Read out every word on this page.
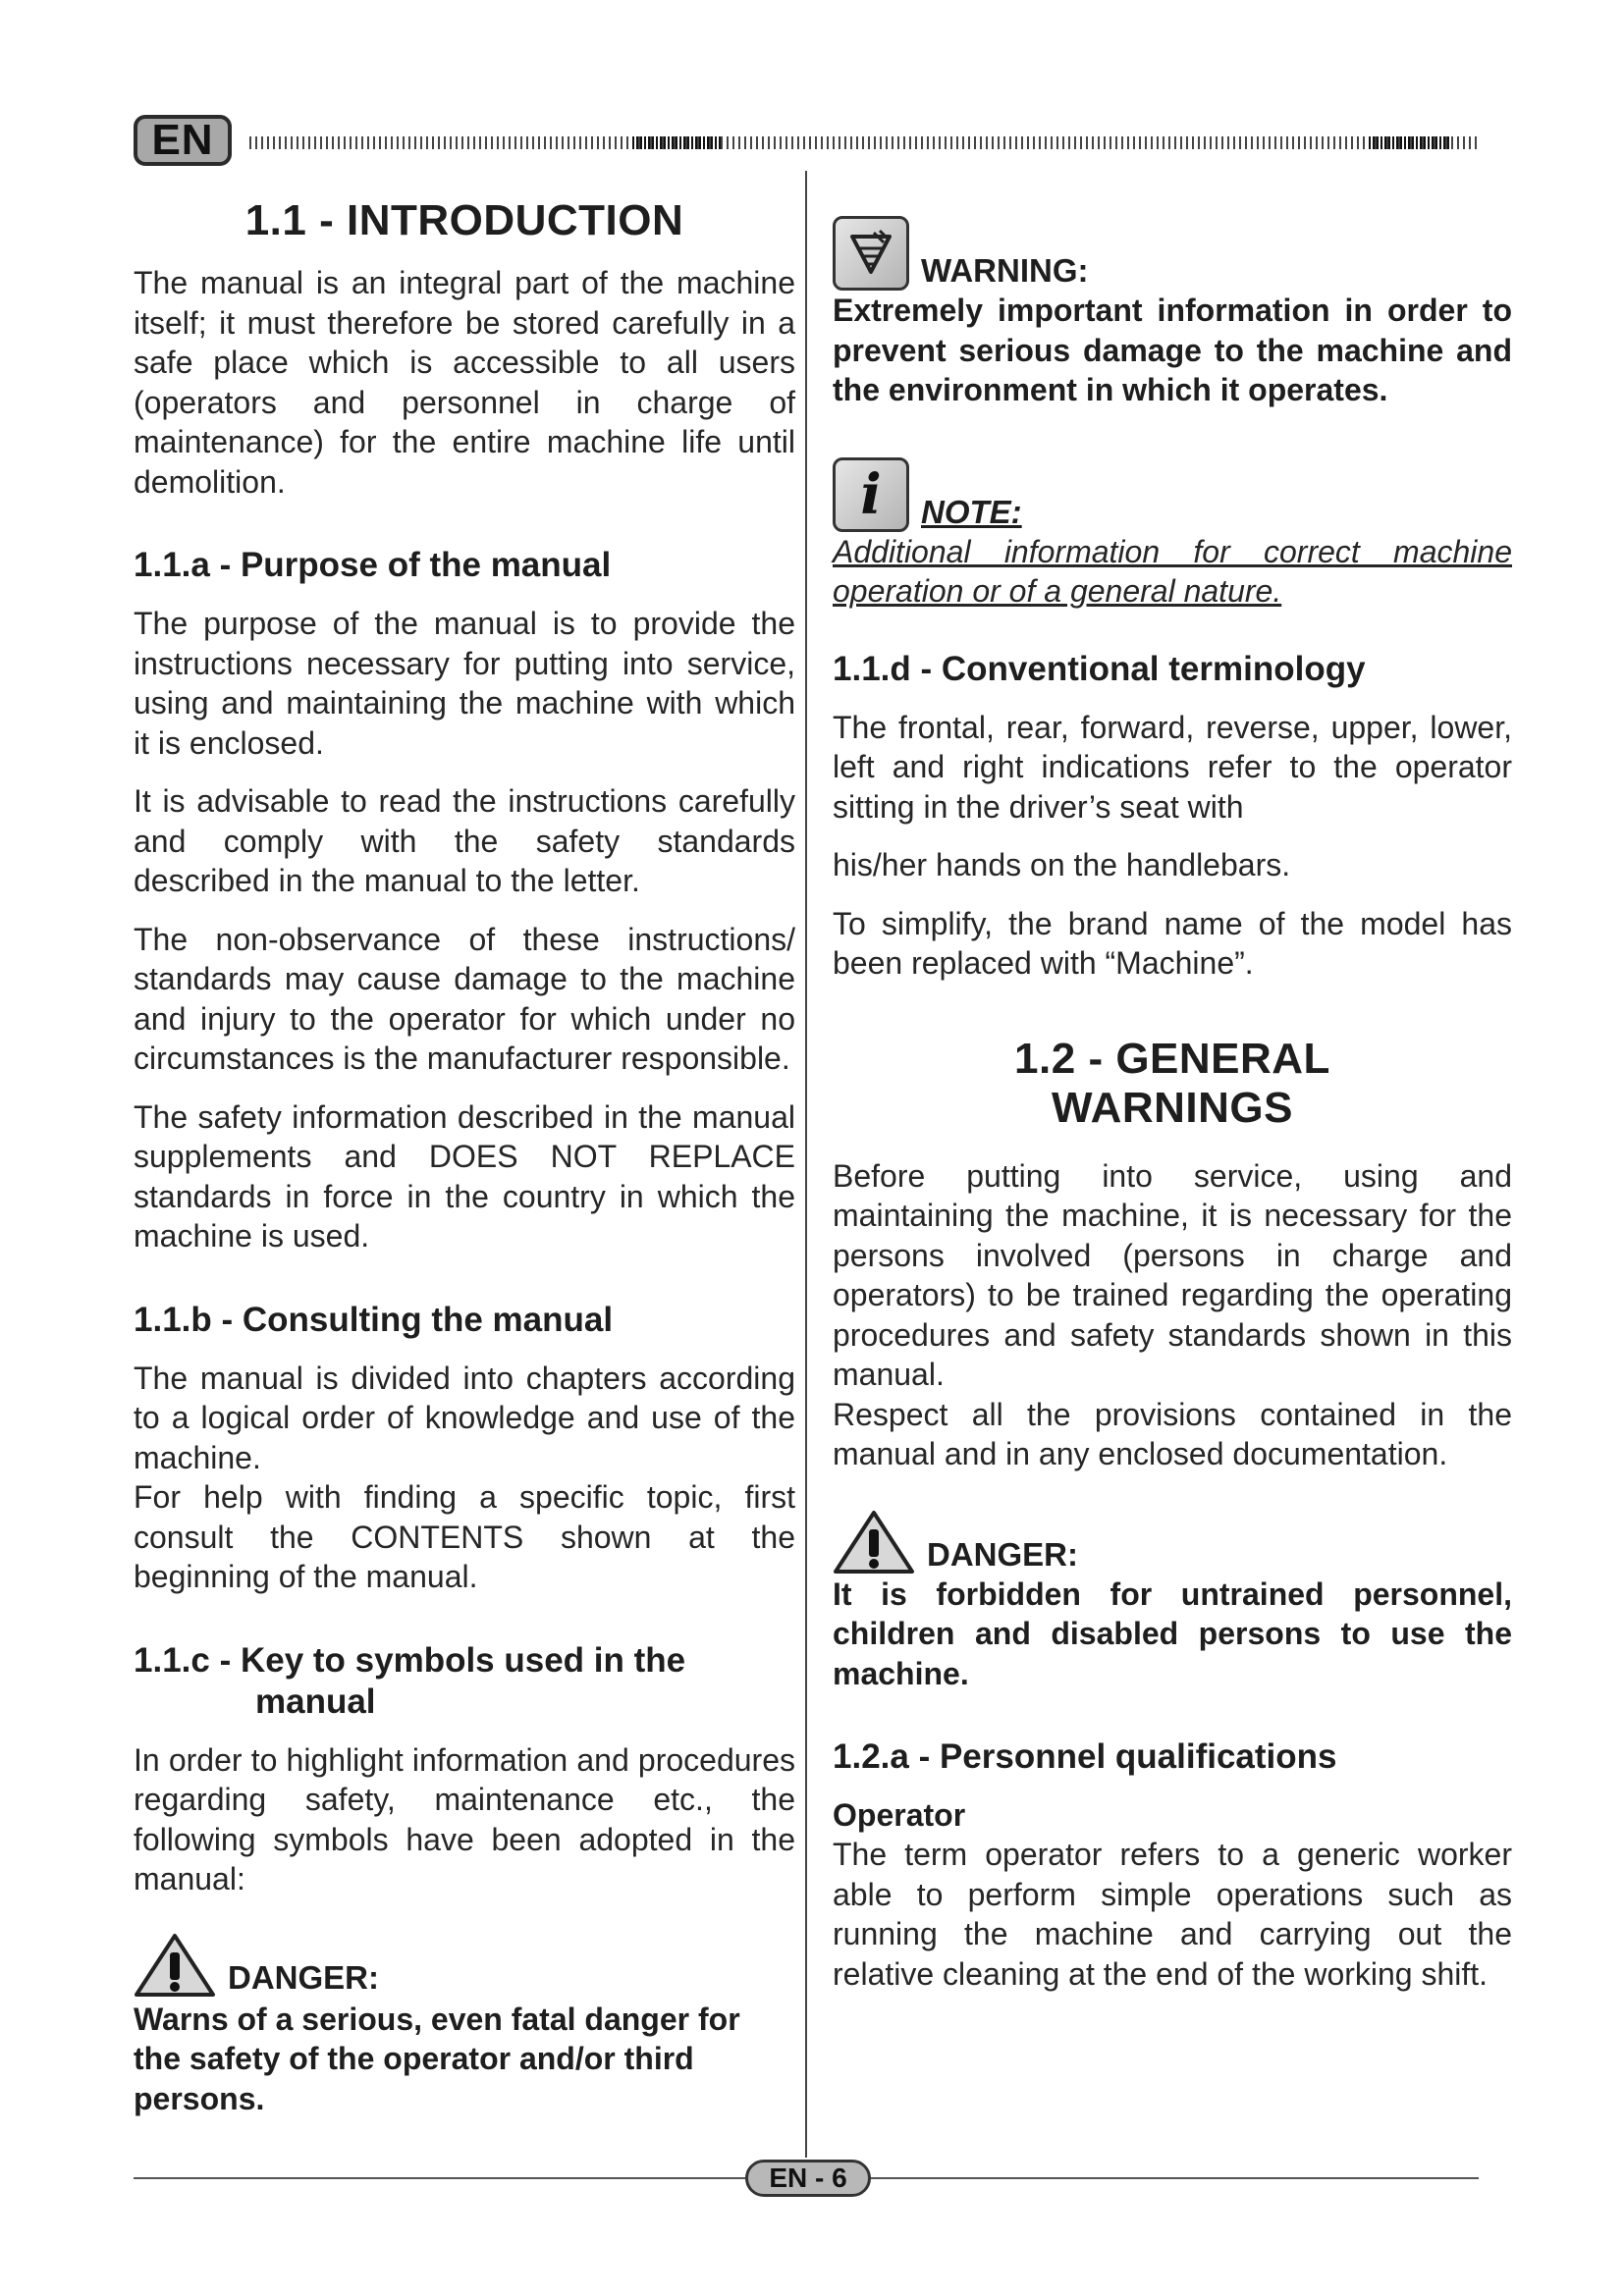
EN
1.1 - INTRODUCTION

The manual is an integral part of the machine itself; it must therefore be stored carefully in a safe place which is accessible to all users (operators and personnel in charge of maintenance) for the entire machine life until demolition.

1.1.a - Purpose of the manual

The purpose of the manual is to provide the instructions necessary for putting into service, using and maintaining the machine with which it is enclosed.

It is advisable to read the instructions carefully and comply with the safety standards described in the manual to the letter.

The non-observance of these instructions/ standards may cause damage to the machine and injury to the operator for which under no circumstances is the manufacturer responsible.

The safety information described in the manual supplements and DOES NOT REPLACE standards in force in the country in which the machine is used.

1.1.b - Consulting the manual

The manual is divided into chapters according to a logical order of knowledge and use of the machine.

For help with finding a specific topic, first consult the CONTENTS shown at the beginning of the manual.

1.1.c - Key to symbols used in the manual

In order to highlight information and procedures regarding safety, maintenance etc., the following symbols have been adopted in the manual:

DANGER:

Warns of a serious, even fatal danger for the safety of the operator and/or third persons.

WARNING:

Extremely important information in order to prevent serious damage to the machine and the environment in which it operates.

i NOTE:

Additional information for correct machine operation or of a general nature.

1.1.d - Conventional terminology

The frontal, rear, forward, reverse, upper, lower, left and right indications refer to the operator sitting in the driver’s seat with

his/her hands on the handlebars.

To simplify, the brand name of the model has been replaced with “Machine”.

1.2 - GENERAL WARNINGS

Before putting into service, using and maintaining the machine, it is necessary for the persons involved (persons in charge and operators) to be trained regarding the operating procedures and safety standards shown in this manual.

Respect all the provisions contained in the manual and in any enclosed documentation.

DANGER:

It is forbidden for untrained personnel, children and disabled persons to use the machine.

1.2.a - Personnel qualifications
Operator

The term operator refers to a generic worker able to perform simple operations such as running the machine and carrying out the relative cleaning at the end of the working shift.

EN - 6
